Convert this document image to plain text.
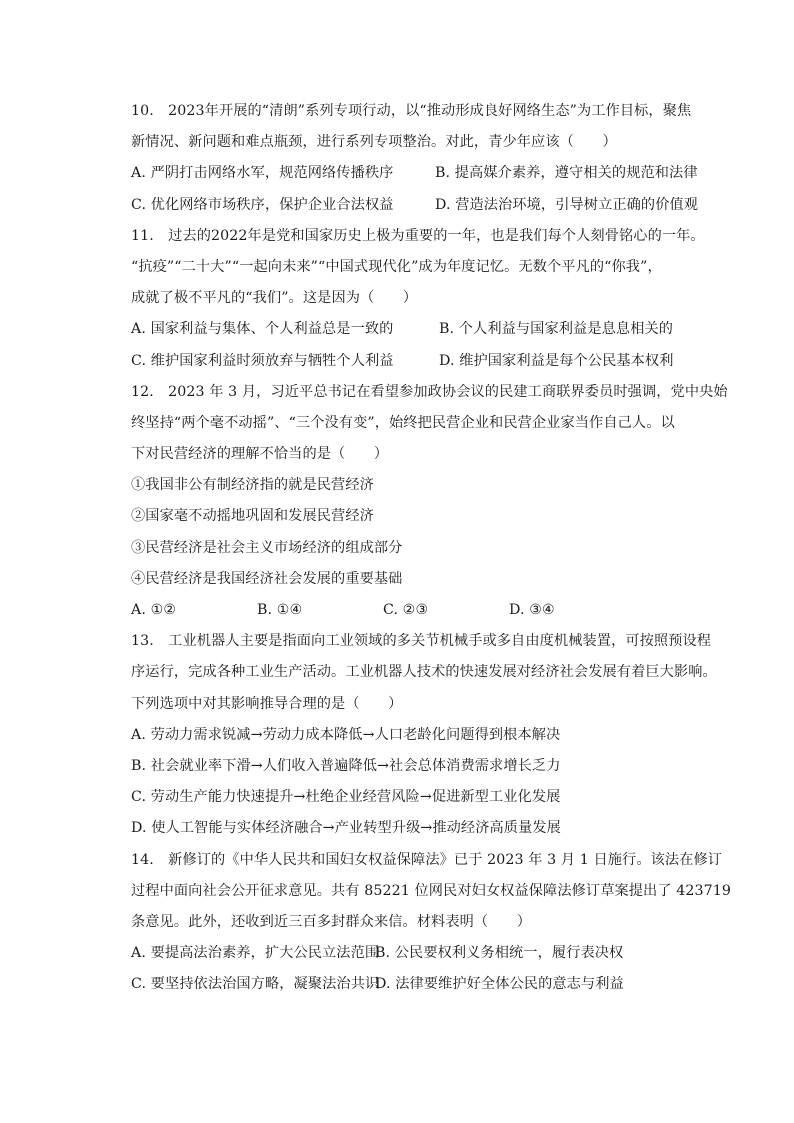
10.　2023年开展的“清朗”系列专项行动，以“推动形成良好网络生态”为工作目标，聚焦
新情况、新问题和难点瓶颈，进行系列专项整治。对此，青少年应该（　　）
A. 严阴打击网络水军，规范网络传播秩序	B. 提高媒介素养，遵守相关的规范和法律
C. 优化网络市场秩序，保护企业合法权益	D. 营造法治环境，引导树立正确的价值观
11.　过去的2022年是党和国家历史上极为重要的一年，也是我们每个人刻骨铭心的一年。
“抗疫”“二十大”“一起向未来”“中国式现代化”成为年度记忆。无数个平凡的“你我”，
成就了极不平凡的“我们”。这是因为（　　）
A. 国家利益与集体、个人利益总是一致的	B. 个人利益与国家利益是息息相关的
C. 维护国家利益时须放弃与牺牲个人利益	D. 维护国家利益是每个公民基本权利
12.　2023 年 3 月，习近平总书记在看望参加政协会议的民建工商联界委员时强调，党中央始
终坚持“两个毫不动摇”、“三个没有变”，始终把民营企业和民营企业家当作自己人。以
下对民营经济的理解不恰当的是（　　）
①我国非公有制经济指的就是民营经济
②国家毫不动摇地巩固和发展民营经济
③民营经济是社会主义市场经济的组成部分
④民营经济是我国经济社会发展的重要基础
A. ①②	B. ①④	C. ②③	D. ③④
13.　工业机器人主要是指面向工业领域的多关节机械手或多自由度机械装置，可按照预设程
序运行，完成各种工业生产活动。工业机器人技术的快速发展对经济社会发展有着巨大影响。
下列选项中对其影响推导合理的是（　　）
A. 劳动力需求锐减→劳动力成本降低→人口老龄化问题得到根本解决
B. 社会就业率下滑→人们收入普遍降低→社会总体消费需求增长乏力
C. 劳动生产能力快速提升→杜绝企业经营风险→促进新型工业化发展
D. 使人工智能与实体经济融合→产业转型升级→推动经济高质量发展
14.　新修订的《中华人民共和国妇女权益保障法》已于 2023 年 3 月 1 日施行。该法在修订
过程中面向社会公开征求意见。共有 85221 位网民对妇女权益保障法修订草案提出了 423719
条意见。此外，还收到近三百多封群众来信。材料表明（　　）
A. 要提高法治素养，扩大公民立法范围
B. 公民要权利义务相统一，履行表决权
C. 要坚持依法治国方略，凝聚法治共识
D. 法律要维护好全体公民的意志与利益
